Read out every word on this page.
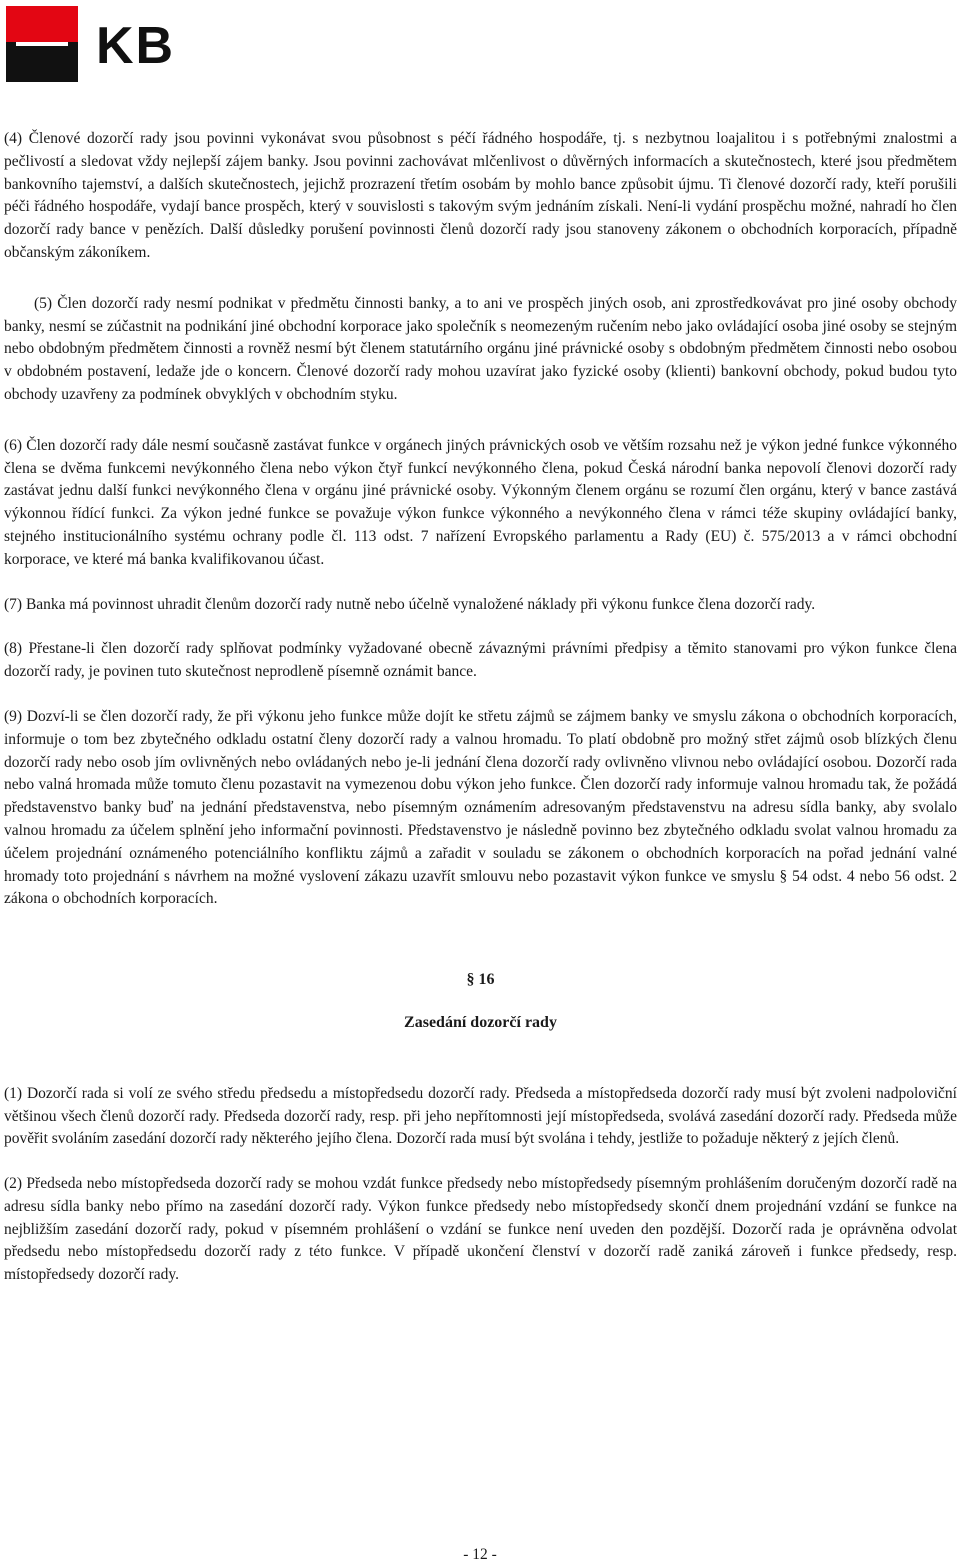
KB

(4) Členové dozorčí rady jsou povinni vykonávat svou působnost s péčí řádného hospodáře, tj. s nezbytnou loajalitou i s potřebnými znalostmi a pečlivostí a sledovat vždy nejlepší zájem banky. Jsou povinni zachovávat mlčenlivost o důvěrných informacích a skutečnostech, které jsou předmětem bankovního tajemství, a dalších skutečnostech, jejichž prozrazení třetím osobám by mohlo bance způsobit újmu. Ti členové dozorčí rady, kteří porušili péči řádného hospodáře, vydají bance prospěch, který v souvislosti s takovým svým jednáním získali. Není-li vydání prospěchu možné, nahradí ho člen dozorčí rady bance v penězích. Další důsledky porušení povinnosti členů dozorčí rady jsou stanoveny zákonem o obchodních korporacích, případně občanským zákoníkem.

(5) Člen dozorčí rady nesmí podnikat v předmětu činnosti banky, a to ani ve prospěch jiných osob, ani zprostředkovávat pro jiné osoby obchody banky, nesmí se zúčastnit na podnikání jiné obchodní korporace jako společník s neomezeným ručením nebo jako ovládající osoba jiné osoby se stejným nebo obdobným předmětem činnosti a rovněž nesmí být členem statutárního orgánu jiné právnické osoby s obdobným předmětem činnosti nebo osobou v obdobném postavení, ledaže jde o koncern. Členové dozorčí rady mohou uzavírat jako fyzické osoby (klienti) bankovní obchody, pokud budou tyto obchody uzavřeny za podmínek obvyklých v obchodním styku.

(6) Člen dozorčí rady dále nesmí současně zastávat funkce v orgánech jiných právnických osob ve větším rozsahu než je výkon jedné funkce výkonného člena se dvěma funkcemi nevýkonného člena nebo výkon čtyř funkcí nevýkonného člena, pokud Česká národní banka nepovolí členovi dozorčí rady zastávat jednu další funkci nevýkonného člena v orgánu jiné právnické osoby. Výkonným členem orgánu se rozumí člen orgánu, který v bance zastává výkonnou řídící funkci. Za výkon jedné funkce se považuje výkon funkce výkonného a nevýkonného člena v rámci téže skupiny ovládající banky, stejného institucionálního systému ochrany podle čl. 113 odst. 7 nařízení Evropského parlamentu a Rady (EU) č. 575/2013 a v rámci obchodní korporace, ve které má banka kvalifikovanou účast.

(7) Banka má povinnost uhradit členům dozorčí rady nutně nebo účelně vynaložené náklady při výkonu funkce člena dozorčí rady.

(8) Přestane-li člen dozorčí rady splňovat podmínky vyžadované obecně závaznými právními předpisy a těmito stanovami pro výkon funkce člena dozorčí rady, je povinen tuto skutečnost neprodleně písemně oznámit bance.

(9) Dozví-li se člen dozorčí rady, že při výkonu jeho funkce může dojít ke střetu zájmů se zájmem banky ve smyslu zákona o obchodních korporacích, informuje o tom bez zbytečného odkladu ostatní členy dozorčí rady a valnou hromadu. To platí obdobně pro možný střet zájmů osob blízkých členu dozorčí rady nebo osob jím ovlivněných nebo ovládaných nebo je-li jednání člena dozorčí rady ovlivněno vlivnou nebo ovládající osobou. Dozorčí rada nebo valná hromada může tomuto členu pozastavit na vymezenou dobu výkon jeho funkce. Člen dozorčí rady informuje valnou hromadu tak, že požádá představenstvo banky buď na jednání představenstva, nebo písemným oznámením adresovaným představenstvu na adresu sídla banky, aby svolalo valnou hromadu za účelem splnění jeho informační povinnosti. Představenstvo je následně povinno bez zbytečného odkladu svolat valnou hromadu za účelem projednání oznámeného potenciálního konfliktu zájmů a zařadit v souladu se zákonem o obchodních korporacích na pořad jednání valné hromady toto projednání s návrhem na možné vyslovení zákazu uzavřít smlouvu nebo pozastavit výkon funkce ve smyslu § 54 odst. 4 nebo 56 odst. 2 zákona o obchodních korporacích.

§ 16

Zasedání dozorčí rady

(1) Dozorčí rada si volí ze svého středu předsedu a místopředsedu dozorčí rady. Předseda a místopředseda dozorčí rady musí být zvoleni nadpoloviční většinou všech členů dozorčí rady. Předseda dozorčí rady, resp. při jeho nepřítomnosti její místopředseda, svolává zasedání dozorčí rady. Předseda může pověřit svoláním zasedání dozorčí rady některého jejího člena. Dozorčí rada musí být svolána i tehdy, jestliže to požaduje některý z jejích členů.

(2) Předseda nebo místopředseda dozorčí rady se mohou vzdát funkce předsedy nebo místopředsedy písemným prohlášením doručeným dozorčí radě na adresu sídla banky nebo přímo na zasedání dozorčí rady. Výkon funkce předsedy nebo místopředsedy skončí dnem projednání vzdání se funkce na nejbližším zasedání dozorčí rady, pokud v písemném prohlášení o vzdání se funkce není uveden den pozdější. Dozorčí rada je oprávněna odvolat předsedu nebo místopředsedu dozorčí rady z této funkce. V případě ukončení členství v dozorčí radě zaniká zároveň i funkce předsedy, resp. místopředsedy dozorčí rady.

- 12 -
